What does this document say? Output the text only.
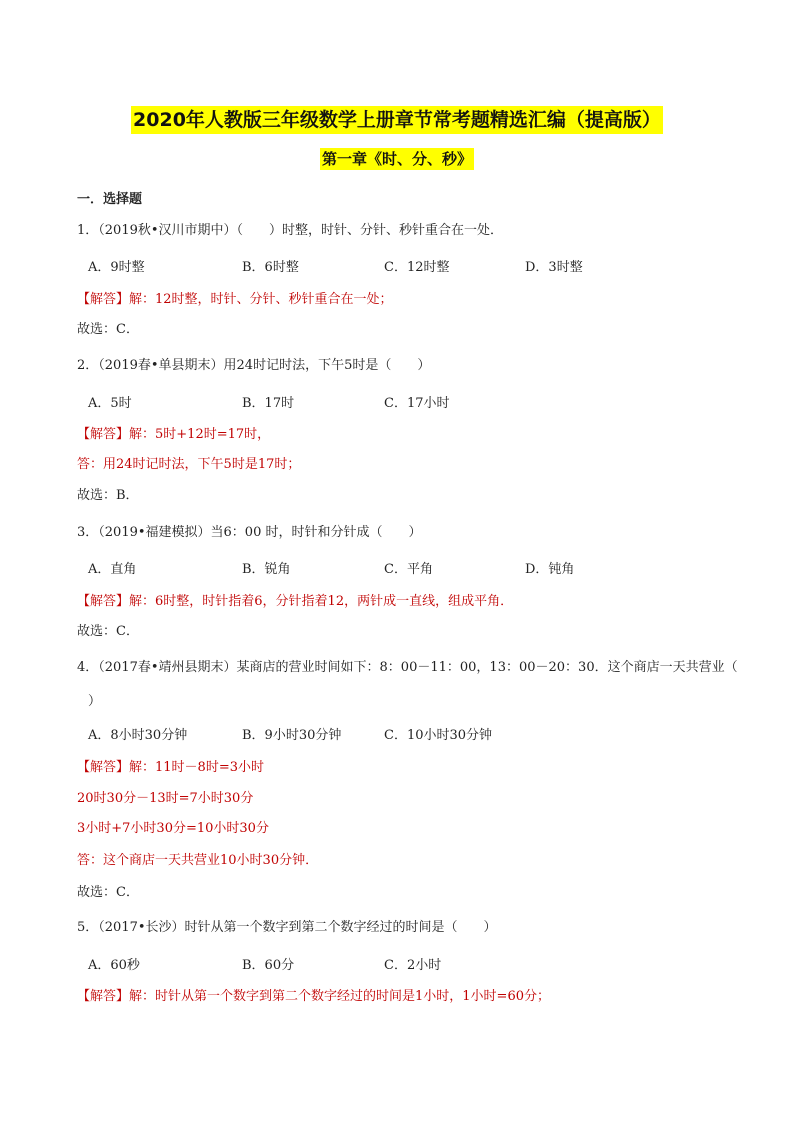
2020年人教版三年级数学上册章节常考题精选汇编（提高版）
第一章《时、分、秒》
一．选择题
1．（2019秋•汉川市期中）（　　）时整，时针、分针、秒针重合在一处．
A．9时整	B．6时整	C．12时整	D．3时整
【解答】解：12时整，时针、分针、秒针重合在一处；
故选：C．
2．（2019春•单县期末）用24时记时法，下午5时是（　　）
A．5时	B．17时	C．17小时
【解答】解：5时+12时=17时，
答：用24时记时法，下午5时是17时；
故选：B．
3．（2019•福建模拟）当6：00 时，时针和分针成（　　）
A．直角	B．锐角	C．平角	D．钝角
【解答】解：6时整，时针指着6，分针指着12，两针成一直线，组成平角．
故选：C．
4．（2017春•靖州县期末）某商店的营业时间如下：8：00－11：00，13：00－20：30．这个商店一天共营业（
）
A．8小时30分钟	B．9小时30分钟	C．10小时30分钟
【解答】解：11时－8时=3小时
20时30分－13时=7小时30分
3小时+7小时30分=10小时30分
答：这个商店一天共营业10小时30分钟．
故选：C．
5．（2017•长沙）时针从第一个数字到第二个数字经过的时间是（　　）
A．60秒	B．60分	C．2小时
【解答】解：时针从第一个数字到第二个数字经过的时间是1小时，1小时=60分；
